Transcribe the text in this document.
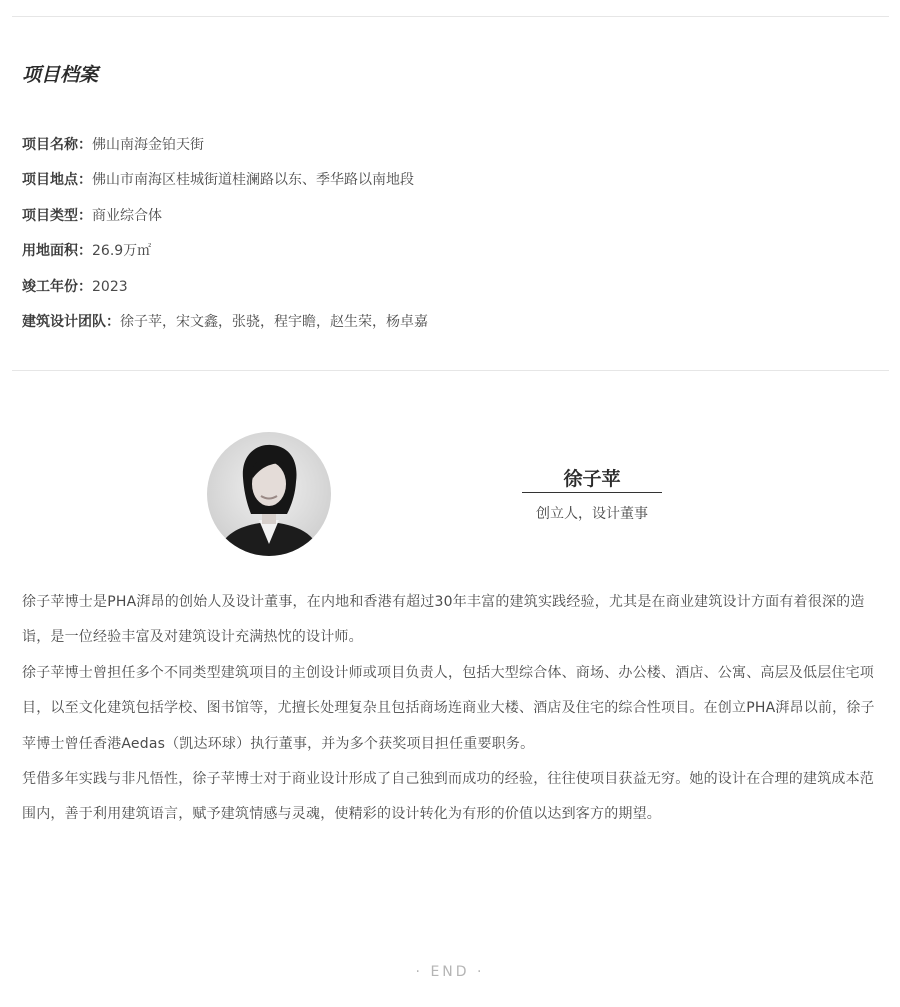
项目档案
项目名称：佛山南海金铂天街
项目地点：佛山市南海区桂城街道桂澜路以东、季华路以南地段
项目类型：商业综合体
用地面积：26.9万㎡
竣工年份：2023
建筑设计团队：徐子苹，宋文鑫，张骁，程宇瞻，赵生荣，杨卓嘉
徐子苹
创立人，设计董事

徐子苹博士是PHA湃昂的创始人及设计董事，在内地和香港有超过30年丰富的建筑实践经验，尤其是在商业建筑设计方面有着很深的造诣，是一位经验丰富及对建筑设计充满热忱的设计师。

徐子苹博士曾担任多个不同类型建筑项目的主创设计师或项目负责人，包括大型综合体、商场、办公楼、酒店、公寓、高层及低层住宅项目，以至文化建筑包括学校、图书馆等，尤擅长处理复杂且包括商场连商业大楼、酒店及住宅的综合性项目。在创立PHA湃昂以前，徐子苹博士曾任香港Aedas（凯达环球）执行董事，并为多个获奖项目担任重要职务。

凭借多年实践与非凡悟性，徐子苹博士对于商业设计形成了自己独到而成功的经验，往往使项目获益无穷。她的设计在合理的建筑成本范围内，善于利用建筑语言，赋予建筑情感与灵魂，使精彩的设计转化为有形的价值以达到客方的期望。

· END ·
